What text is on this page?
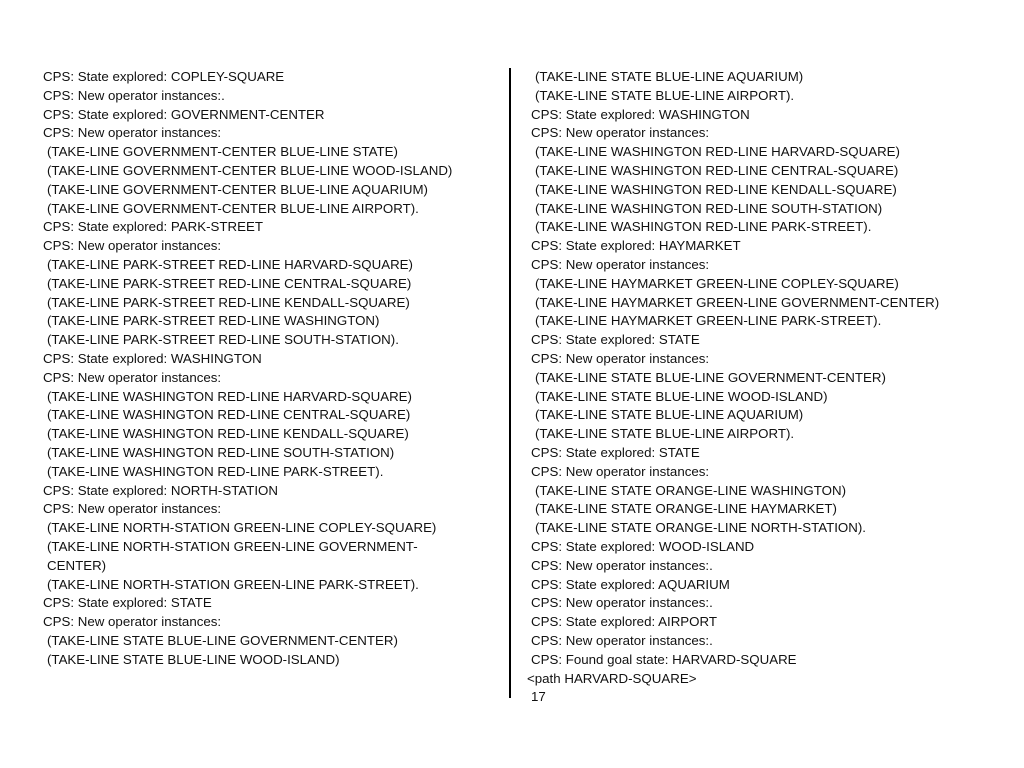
CPS: State explored: COPLEY-SQUARE
CPS: New operator instances:.
CPS: State explored: GOVERNMENT-CENTER
CPS: New operator instances:
(TAKE-LINE GOVERNMENT-CENTER BLUE-LINE STATE)
(TAKE-LINE GOVERNMENT-CENTER BLUE-LINE WOOD-ISLAND)
(TAKE-LINE GOVERNMENT-CENTER BLUE-LINE AQUARIUM)
(TAKE-LINE GOVERNMENT-CENTER BLUE-LINE AIRPORT).
CPS: State explored: PARK-STREET
CPS: New operator instances:
(TAKE-LINE PARK-STREET RED-LINE HARVARD-SQUARE)
(TAKE-LINE PARK-STREET RED-LINE CENTRAL-SQUARE)
(TAKE-LINE PARK-STREET RED-LINE KENDALL-SQUARE)
(TAKE-LINE PARK-STREET RED-LINE WASHINGTON)
(TAKE-LINE PARK-STREET RED-LINE SOUTH-STATION).
CPS: State explored: WASHINGTON
CPS: New operator instances:
(TAKE-LINE WASHINGTON RED-LINE HARVARD-SQUARE)
(TAKE-LINE WASHINGTON RED-LINE CENTRAL-SQUARE)
(TAKE-LINE WASHINGTON RED-LINE KENDALL-SQUARE)
(TAKE-LINE WASHINGTON RED-LINE SOUTH-STATION)
(TAKE-LINE WASHINGTON RED-LINE PARK-STREET).
CPS: State explored: NORTH-STATION
CPS: New operator instances:
(TAKE-LINE NORTH-STATION GREEN-LINE COPLEY-SQUARE)
(TAKE-LINE NORTH-STATION GREEN-LINE GOVERNMENT-CENTER)
(TAKE-LINE NORTH-STATION GREEN-LINE PARK-STREET).
CPS: State explored: STATE
CPS: New operator instances:
(TAKE-LINE STATE BLUE-LINE GOVERNMENT-CENTER)
(TAKE-LINE STATE BLUE-LINE WOOD-ISLAND)
(TAKE-LINE STATE BLUE-LINE AQUARIUM)
(TAKE-LINE STATE BLUE-LINE AIRPORT).
CPS: State explored: WASHINGTON
CPS: New operator instances:
(TAKE-LINE WASHINGTON RED-LINE HARVARD-SQUARE)
(TAKE-LINE WASHINGTON RED-LINE CENTRAL-SQUARE)
(TAKE-LINE WASHINGTON RED-LINE KENDALL-SQUARE)
(TAKE-LINE WASHINGTON RED-LINE SOUTH-STATION)
(TAKE-LINE WASHINGTON RED-LINE PARK-STREET).
CPS: State explored: HAYMARKET
CPS: New operator instances:
(TAKE-LINE HAYMARKET GREEN-LINE COPLEY-SQUARE)
(TAKE-LINE HAYMARKET GREEN-LINE GOVERNMENT-CENTER)
(TAKE-LINE HAYMARKET GREEN-LINE PARK-STREET).
CPS: State explored: STATE
CPS: New operator instances:
(TAKE-LINE STATE BLUE-LINE GOVERNMENT-CENTER)
(TAKE-LINE STATE BLUE-LINE WOOD-ISLAND)
(TAKE-LINE STATE BLUE-LINE AQUARIUM)
(TAKE-LINE STATE BLUE-LINE AIRPORT).
CPS: State explored: STATE
CPS: New operator instances:
(TAKE-LINE STATE ORANGE-LINE WASHINGTON)
(TAKE-LINE STATE ORANGE-LINE HAYMARKET)
(TAKE-LINE STATE ORANGE-LINE NORTH-STATION).
CPS: State explored: WOOD-ISLAND
CPS: New operator instances:.
CPS: State explored: AQUARIUM
CPS: New operator instances:.
CPS: State explored: AIRPORT
CPS: New operator instances:.
CPS: Found goal state: HARVARD-SQUARE
<path HARVARD-SQUARE>
17
